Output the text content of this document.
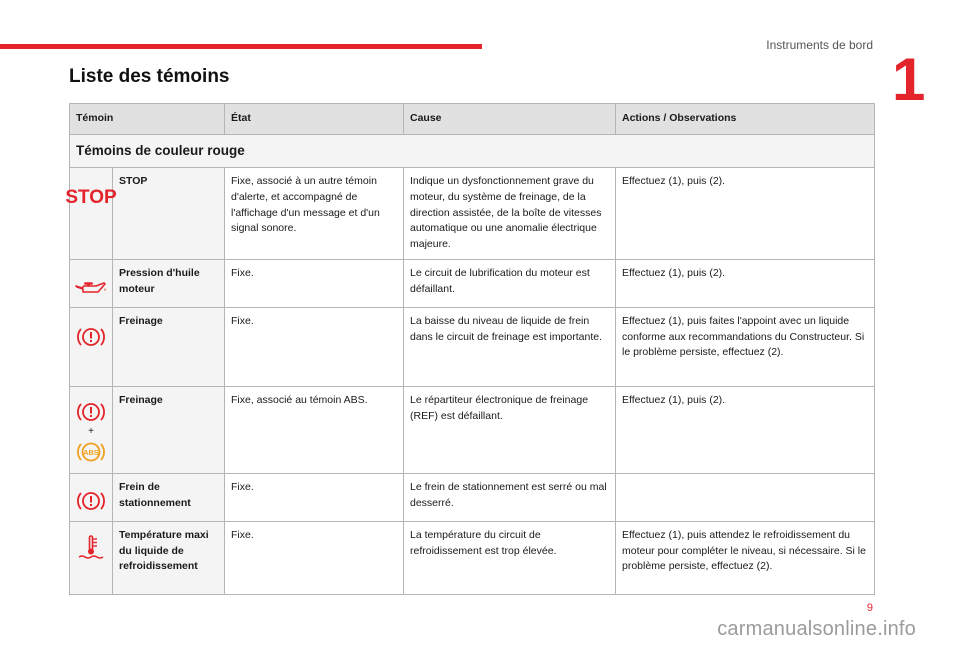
Instruments de bord
1
Liste des témoins
Témoin		État	Cause	Actions / Observations
Témoins de couleur rouge				

STOP	STOP	Fixe, associé à un autre témoin d'alerte, et accompagné de l'affichage d'un message et d'un signal sonore.	Indique un dysfonctionnement grave du moteur, du système de freinage, de la direction assistée, de la boîte de vitesses automatique ou une anomalie électrique majeure.	Effectuez (1), puis (2).

	Pression d'huile moteur	Fixe.	Le circuit de lubrification du moteur est défaillant.	Effectuez (1), puis (2).

	Freinage	Fixe.	La baisse du niveau de liquide de frein dans le circuit de freinage est importante.	Effectuez (1), puis faites l'appoint avec un liquide conforme aux recommandations du Constructeur. Si le problème persiste, effectuez (2).

+
ABS	Freinage	Fixe, associé au témoin ABS.	Le répartiteur électronique de freinage (REF) est défaillant.	Effectuez (1), puis (2).

	Frein de stationnement	Fixe.	Le frein de stationnement est serré ou mal desserré.	

	Température maxi du liquide de refroidissement	Fixe.	La température du circuit de refroidissement est trop élevée.	Effectuez (1), puis attendez le refroidissement du moteur pour compléter le niveau, si nécessaire. Si le problème persiste, effectuez (2).
9
carmanualsonline.info
